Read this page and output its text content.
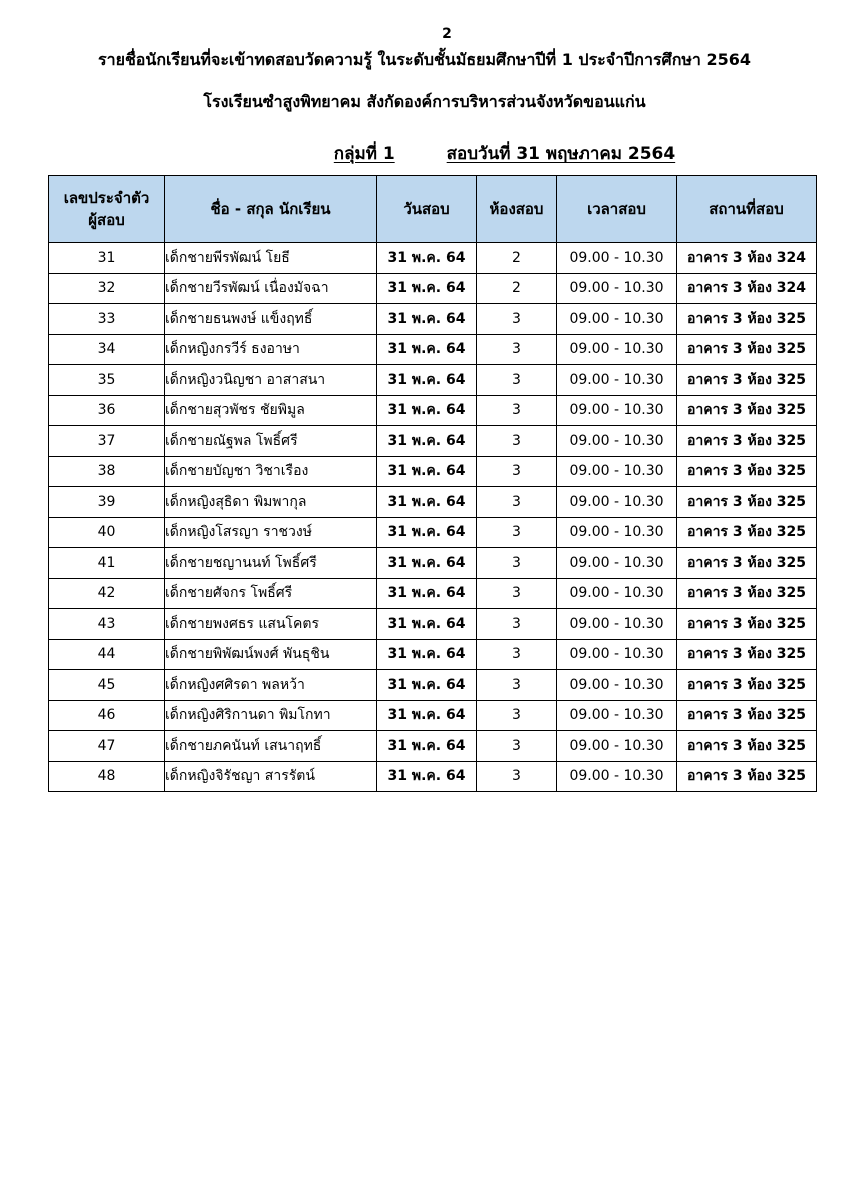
2
รายชื่อนักเรียนที่จะเข้าทดสอบวัดความรู้ ในระดับชั้นมัธยมศึกษาปีที่ 1 ประจำปีการศึกษา 2564
โรงเรียนซำสูงพิทยาคม สังกัดองค์การบริหารส่วนจังหวัดขอนแก่น
กลุ่มที่ 1	สอบวันที่ 31 พฤษภาคม 2564
เลขประจำตัว
ผู้สอบ	ชื่อ - สกุล นักเรียน	วันสอบ	ห้องสอบ	เวลาสอบ	สถานที่สอบ
31	เด็กชายพีรพัฒน์ โยธี	31 พ.ค. 64	2	09.00 - 10.30	อาคาร 3 ห้อง 324
32	เด็กชายวีรพัฒน์ เนื่องมัจฉา	31 พ.ค. 64	2	09.00 - 10.30	อาคาร 3 ห้อง 324
33	เด็กชายธนพงษ์ แข็งฤทธิ์	31 พ.ค. 64	3	09.00 - 10.30	อาคาร 3 ห้อง 325
34	เด็กหญิงกรวีร์ ธงอาษา	31 พ.ค. 64	3	09.00 - 10.30	อาคาร 3 ห้อง 325
35	เด็กหญิงวนิญชา อาสาสนา	31 พ.ค. 64	3	09.00 - 10.30	อาคาร 3 ห้อง 325
36	เด็กชายสุวพัชร ชัยพิมูล	31 พ.ค. 64	3	09.00 - 10.30	อาคาร 3 ห้อง 325
37	เด็กชายณัฐพล โพธิ์ศรี	31 พ.ค. 64	3	09.00 - 10.30	อาคาร 3 ห้อง 325
38	เด็กชายบัญชา วิชาเรือง	31 พ.ค. 64	3	09.00 - 10.30	อาคาร 3 ห้อง 325
39	เด็กหญิงสุธิดา พิมพากุล	31 พ.ค. 64	3	09.00 - 10.30	อาคาร 3 ห้อง 325
40	เด็กหญิงโสรญา ราชวงษ์	31 พ.ค. 64	3	09.00 - 10.30	อาคาร 3 ห้อง 325
41	เด็กชายชญานนท์ โพธิ์ศรี	31 พ.ค. 64	3	09.00 - 10.30	อาคาร 3 ห้อง 325
42	เด็กชายศัจกร โพธิ์ศรี	31 พ.ค. 64	3	09.00 - 10.30	อาคาร 3 ห้อง 325
43	เด็กชายพงศธร แสนโคตร	31 พ.ค. 64	3	09.00 - 10.30	อาคาร 3 ห้อง 325
44	เด็กชายพิพัฒน์พงศ์ พันธุชิน	31 พ.ค. 64	3	09.00 - 10.30	อาคาร 3 ห้อง 325
45	เด็กหญิงศศิรดา พลหว้า	31 พ.ค. 64	3	09.00 - 10.30	อาคาร 3 ห้อง 325
46	เด็กหญิงศิริกานดา พิมโกทา	31 พ.ค. 64	3	09.00 - 10.30	อาคาร 3 ห้อง 325
47	เด็กชายภคนันท์ เสนาฤทธิ์	31 พ.ค. 64	3	09.00 - 10.30	อาคาร 3 ห้อง 325
48	เด็กหญิงจิรัชญา สารรัตน์	31 พ.ค. 64	3	09.00 - 10.30	อาคาร 3 ห้อง 325
